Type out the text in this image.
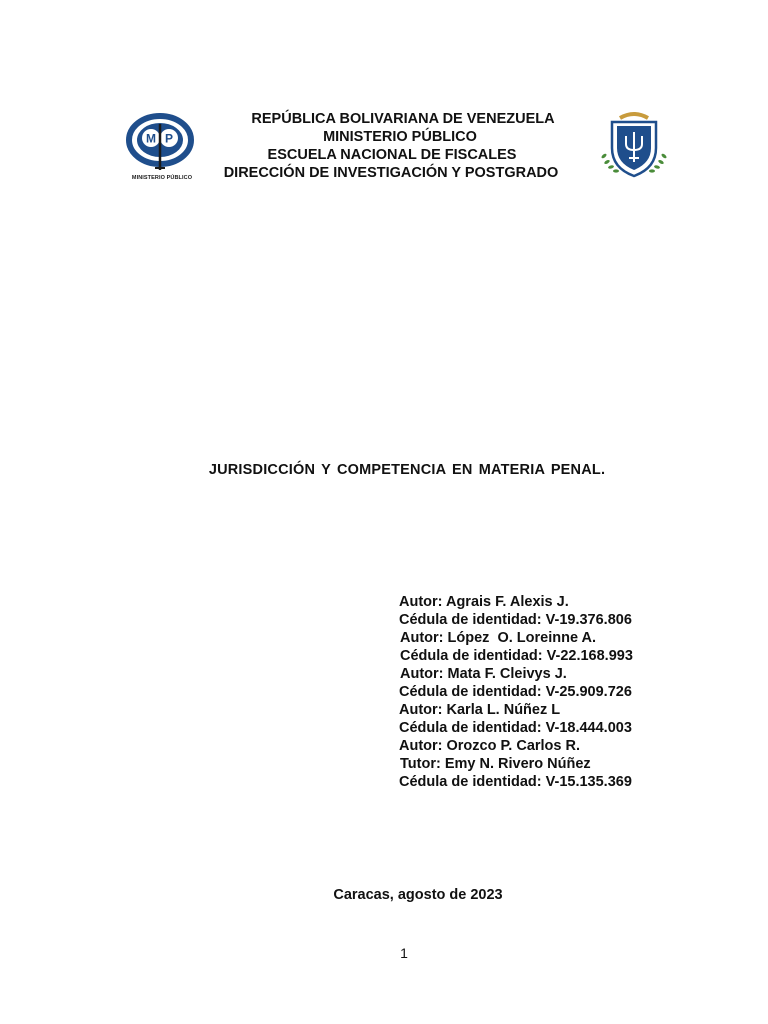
M P
MINISTERIO PÚBLICO
REPÚBLICA BOLIVARIANA DE VENEZUELA
MINISTERIO PÚBLICO
ESCUELA NACIONAL DE FISCALES
DIRECCIÓN DE INVESTIGACIÓN Y POSTGRADO
JURISDICCIÓN Y COMPETENCIA EN MATERIA PENAL.
Autor: Agrais F. Alexis J.
Cédula de identidad: V-19.376.806
Autor: López  O. Loreinne A.
Cédula de identidad: V-22.168.993
Autor: Mata F. Cleivys J.
Cédula de identidad: V-25.909.726
Autor: Karla L. Núñez L
Cédula de identidad: V-18.444.003
Autor: Orozco P. Carlos R.
Tutor: Emy N. Rivero Núñez
Cédula de identidad: V-15.135.369
Caracas, agosto de 2023
1
